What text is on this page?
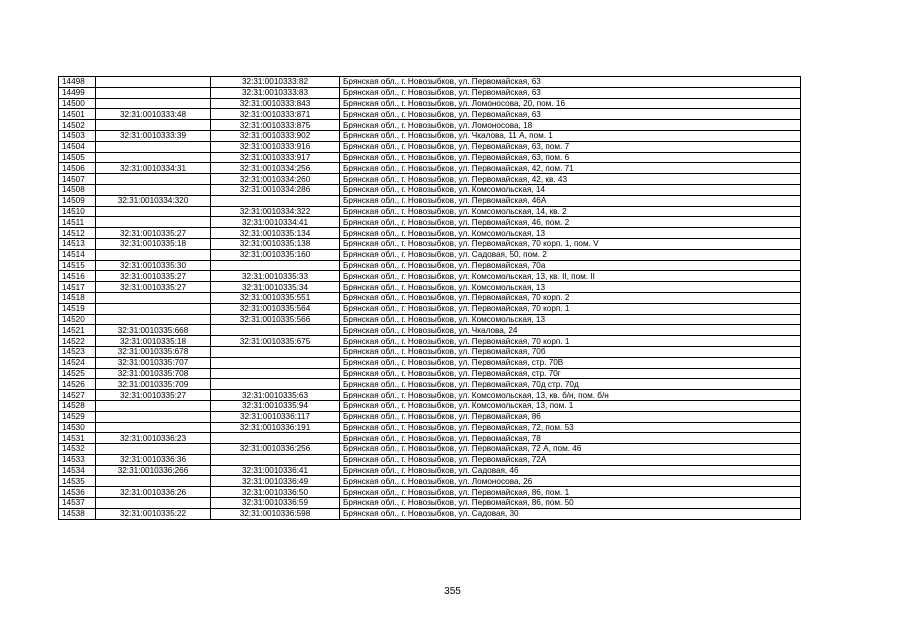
14498		32:31:0010333:82	Брянская обл., г. Новозыбков, ул. Первомайская, 63
14499		32:31:0010333:83	Брянская обл., г. Новозыбков, ул. Первомайская, 63
14500		32:31:0010333:843	Брянская обл., г. Новозыбков, ул. Ломоносова, 20, пом. 16
14501	32:31:0010333:48	32:31:0010333:871	Брянская обл., г. Новозыбков, ул. Первомайская, 63
14502		32:31:0010333:875	Брянская обл., г. Новозыбков, ул. Ломоносова, 18
14503	32:31:0010333:39	32:31:0010333:902	Брянская обл., г. Новозыбков, ул. Чкалова, 11 А, пом. 1
14504		32:31:0010333:916	Брянская обл., г. Новозыбков, ул. Первомайская, 63, пом. 7
14505		32:31:0010333:917	Брянская обл., г. Новозыбков, ул. Первомайская, 63, пом. 6
14506	32:31:0010334:31	32:31:0010334:256	Брянская обл., г. Новозыбков, ул. Первомайская, 42, пом. 71
14507		32:31:0010334:260	Брянская обл., г. Новозыбков, ул. Первомайская, 42, кв. 43
14508		32:31:0010334:286	Брянская обл., г. Новозыбков, ул. Комсомольская, 14
14509	32:31:0010334:320		Брянская обл., г. Новозыбков, ул. Первомайская, 46А
14510		32:31:0010334:322	Брянская обл., г. Новозыбков, ул. Комсомольская, 14, кв. 2
14511		32:31:0010334:41	Брянская обл., г. Новозыбков, ул. Первомайская, 46, пом. 2
14512	32:31:0010335:27	32:31:0010335:134	Брянская обл., г. Новозыбков, ул. Комсомольская, 13
14513	32:31:0010335:18	32:31:0010335:138	Брянская обл., г. Новозыбков, ул. Первомайская, 70 корп. 1, пом. V
14514		32:31:0010335:160	Брянская обл., г. Новозыбков, ул. Садовая, 50, пом. 2
14515	32:31:0010335:30		Брянская обл., г. Новозыбков, ул. Первомайская, 70а
14516	32:31:0010335:27	32:31:0010335:33	Брянская обл., г. Новозыбков, ул. Комсомольская, 13, кв. II, пом. II
14517	32:31:0010335:27	32:31:0010335:34	Брянская обл., г. Новозыбков, ул. Комсомольская, 13
14518		32:31:0010335:551	Брянская обл., г. Новозыбков, ул. Первомайская, 70 корп. 2
14519		32:31:0010335:564	Брянская обл., г. Новозыбков, ул. Первомайская, 70 корп. 1
14520		32:31:0010335:566	Брянская обл., г. Новозыбков, ул. Комсомольская, 13
14521	32:31:0010335:668		Брянская обл., г. Новозыбков, ул. Чкалова, 24
14522	32:31:0010335:18	32:31:0010335:675	Брянская обл., г. Новозыбков, ул. Первомайская, 70 корп. 1
14523	32:31:0010335:678		Брянская обл., г. Новозыбков, ул. Первомайская, 70б
14524	32:31:0010335:707		Брянская обл., г. Новозыбков, ул. Первомайская, стр. 70В
14525	32:31:0010335:708		Брянская обл., г. Новозыбков, ул. Первомайская, стр. 70г
14526	32:31:0010335:709		Брянская обл., г. Новозыбков, ул. Первомайская, 70д стр. 70д
14527	32:31:0010335:27	32:31:0010335:63	Брянская обл., г. Новозыбков, ул. Комсомольская, 13, кв. б/н, пом. б/н
14528		32:31:0010335:94	Брянская обл., г. Новозыбков, ул. Комсомольская, 13, пом. 1
14529		32:31:0010336:117	Брянская обл., г. Новозыбков, ул. Первомайская, 86
14530		32:31:0010336:191	Брянская обл., г. Новозыбков, ул. Первомайская, 72, пом. 53
14531	32:31:0010336:23		Брянская обл., г. Новозыбков, ул. Первомайская, 78
14532		32:31:0010336:256	Брянская обл., г. Новозыбков, ул. Первомайская, 72 А, пом. 46
14533	32:31:0010336:36		Брянская обл., г. Новозыбков, ул. Первомайская, 72А
14534	32:31:0010336:266	32:31:0010336:41	Брянская обл., г. Новозыбков, ул. Садовая, 46
14535		32:31:0010336:49	Брянская обл., г. Новозыбков, ул. Ломоносова, 26
14536	32:31:0010336:26	32:31:0010336:50	Брянская обл., г. Новозыбков, ул. Первомайская, 86, пом. 1
14537		32:31:0010336:59	Брянская обл., г. Новозыбков, ул. Первомайская, 86, пом. 50
14538	32:31:0010335:22	32:31:0010336:598	Брянская обл., г. Новозыбков, ул. Садовая, 30
355
